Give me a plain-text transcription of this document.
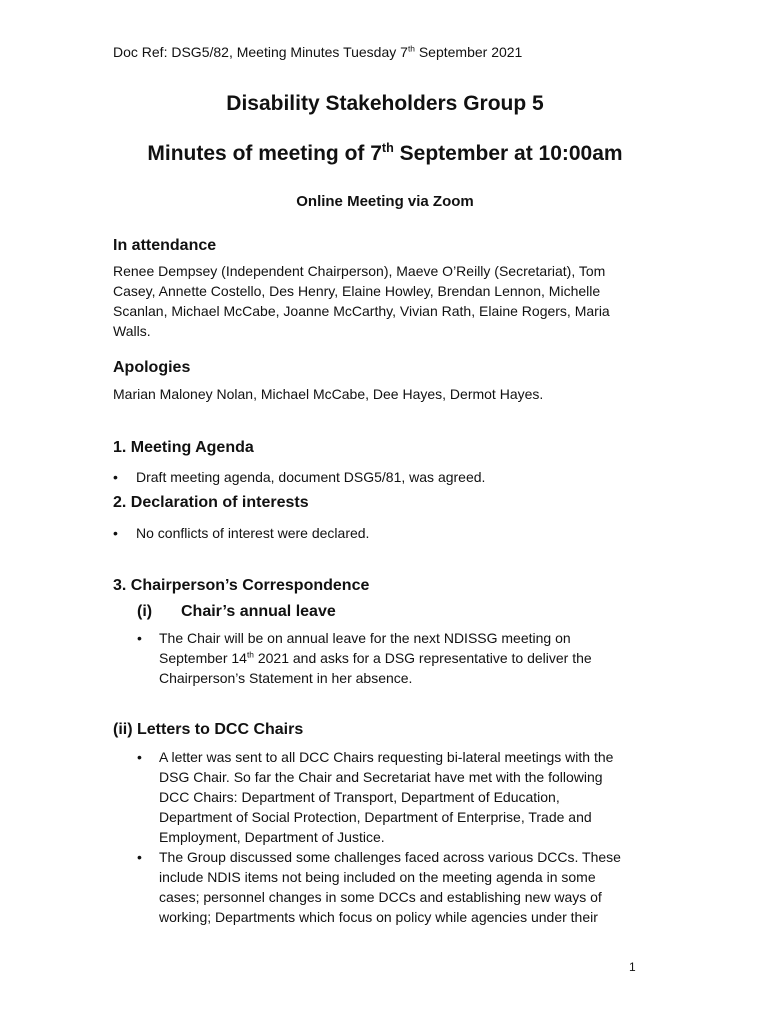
Doc Ref: DSG5/82, Meeting Minutes Tuesday 7th September 2021
Disability Stakeholders Group 5
Minutes of meeting of 7th September at 10:00am
Online Meeting via Zoom
In attendance
Renee Dempsey (Independent Chairperson), Maeve O’Reilly (Secretariat), Tom
Casey, Annette Costello, Des Henry, Elaine Howley, Brendan Lennon, Michelle
Scanlan, Michael McCabe, Joanne McCarthy, Vivian Rath, Elaine Rogers, Maria
Walls.
Apologies
Marian Maloney Nolan, Michael McCabe, Dee Hayes, Dermot Hayes.
1. Meeting Agenda
• Draft meeting agenda, document DSG5/81, was agreed.
2. Declaration of interests
• No conflicts of interest were declared.
3. Chairperson’s Correspondence
(i) Chair’s annual leave
• The Chair will be on annual leave for the next NDISSG meeting on
September 14th 2021 and asks for a DSG representative to deliver the
Chairperson’s Statement in her absence.
(ii) Letters to DCC Chairs
• A letter was sent to all DCC Chairs requesting bi-lateral meetings with the
DSG Chair. So far the Chair and Secretariat have met with the following
DCC Chairs: Department of Transport, Department of Education,
Department of Social Protection, Department of Enterprise, Trade and
Employment, Department of Justice.
• The Group discussed some challenges faced across various DCCs. These
include NDIS items not being included on the meeting agenda in some
cases; personnel changes in some DCCs and establishing new ways of
working; Departments which focus on policy while agencies under their
1
